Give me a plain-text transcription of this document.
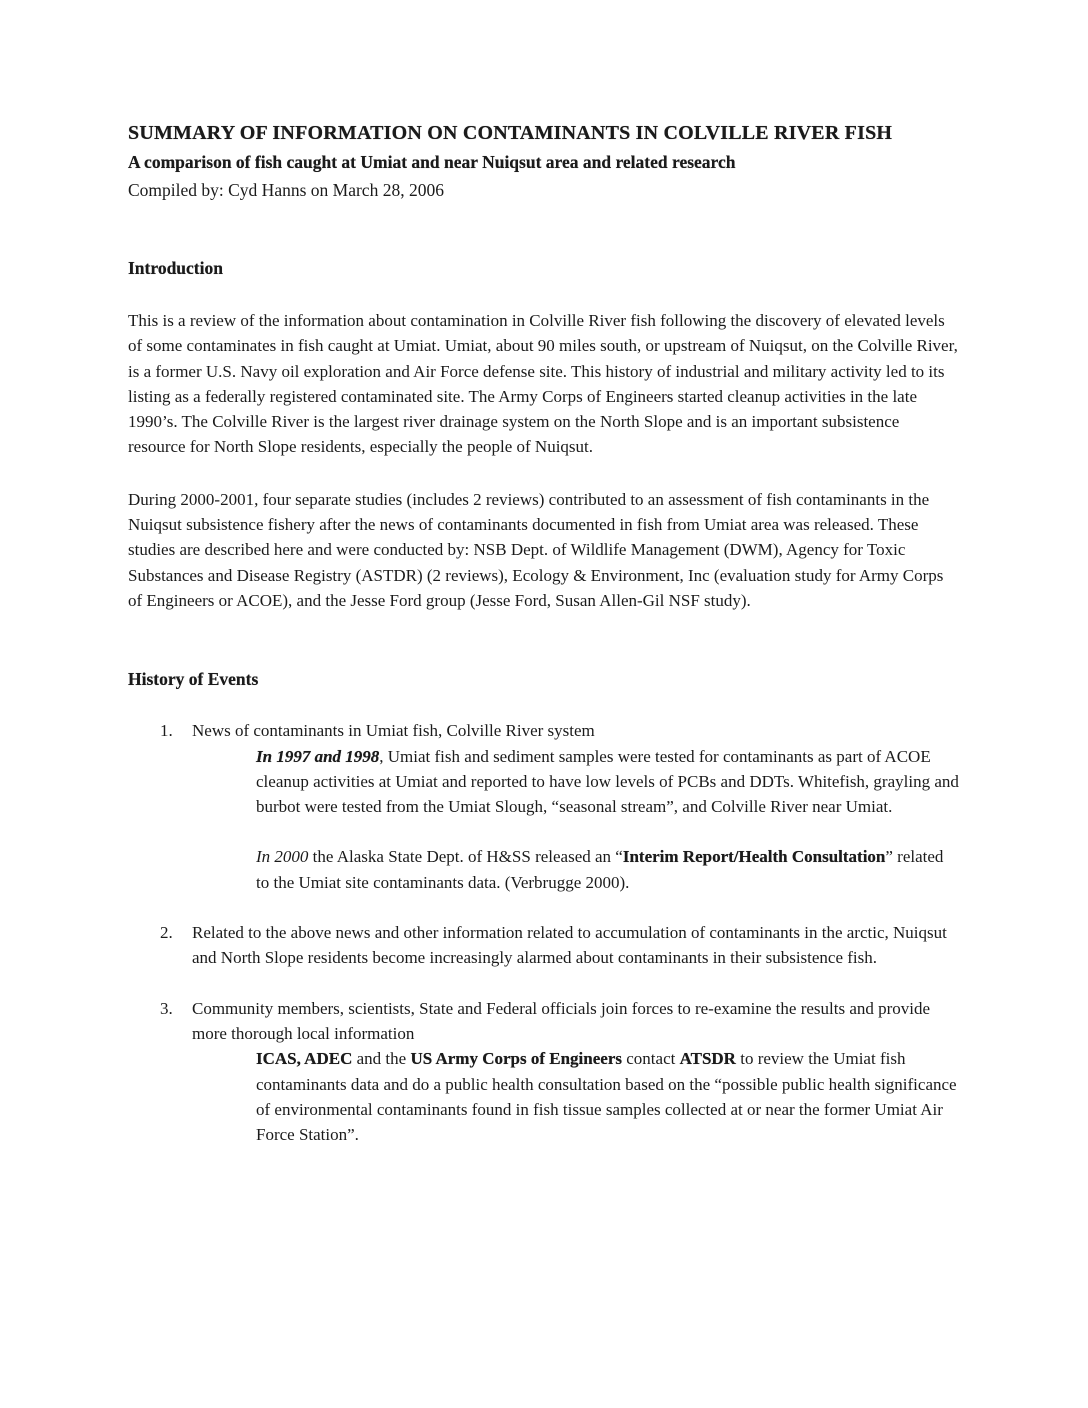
SUMMARY OF INFORMATION ON CONTAMINANTS IN COLVILLE RIVER FISH

A comparison of fish caught at Umiat and near Nuiqsut area and related research

Compiled by: Cyd Hanns on March 28, 2006

Introduction

This is a review of the information about contamination in Colville River fish following the discovery of elevated levels of some contaminates in fish caught at Umiat. Umiat, about 90 miles south, or upstream of Nuiqsut, on the Colville River, is a former U.S. Navy oil exploration and Air Force defense site. This history of industrial and military activity led to its listing as a federally registered contaminated site. The Army Corps of Engineers started cleanup activities in the late 1990’s. The Colville River is the largest river drainage system on the North Slope and is an important subsistence resource for North Slope residents, especially the people of Nuiqsut.

During 2000-2001, four separate studies (includes 2 reviews) contributed to an assessment of fish contaminants in the Nuiqsut subsistence fishery after the news of contaminants documented in fish from Umiat area was released. These studies are described here and were conducted by: NSB Dept. of Wildlife Management (DWM), Agency for Toxic Substances and Disease Registry (ASTDR) (2 reviews), Ecology & Environment, Inc (evaluation study for Army Corps of Engineers or ACOE), and the Jesse Ford group (Jesse Ford, Susan Allen-Gil NSF study).

History of Events
1.	News of contaminants in Umiat fish, Colville River system

In 1997 and 1998, Umiat fish and sediment samples were tested for contaminants as part of ACOE cleanup activities at Umiat and reported to have low levels of PCBs and DDTs. Whitefish, grayling and burbot were tested from the Umiat Slough, “seasonal stream”, and Colville River near Umiat.

In 2000 the Alaska State Dept. of H&SS released an “Interim Report/Health Consultation” related to the Umiat site contaminants data. (Verbrugge 2000).

2.	Related to the above news and other information related to accumulation of contaminants in the arctic, Nuiqsut and North Slope residents become increasingly alarmed about contaminants in their subsistence fish.

3.	Community members, scientists, State and Federal officials join forces to re-examine the results and provide more thorough local information

ICAS, ADEC and the US Army Corps of Engineers contact ATSDR to review the Umiat fish contaminants data and do a public health consultation based on the “possible public health significance of environmental contaminants found in fish tissue samples collected at or near the former Umiat Air Force Station”.
